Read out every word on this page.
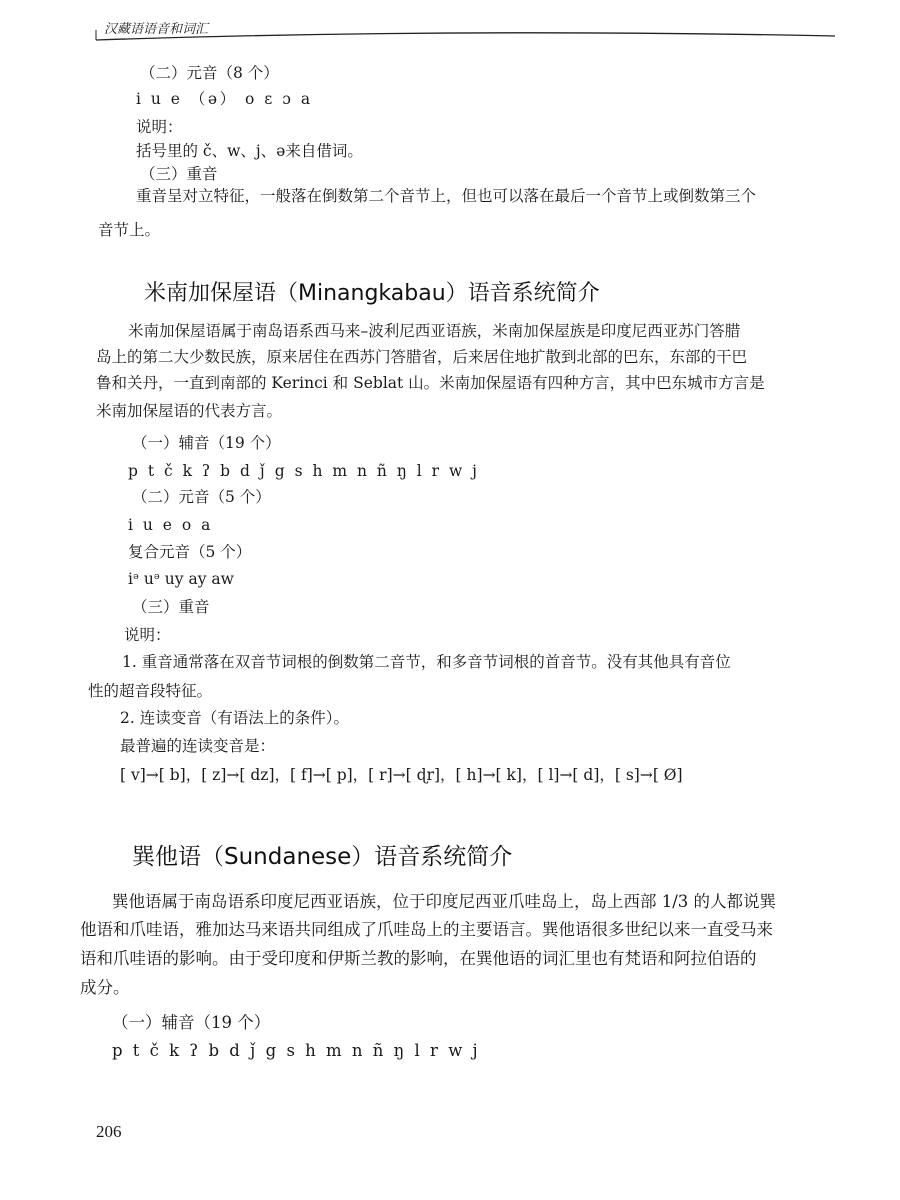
汉藏语语音和词汇
（二）元音（8 个）
i u e （ə） o ɛ ɔ a
说明：
括号里的 č、w、j、ə来自借词。
（三）重音
重音呈对立特征，一般落在倒数第二个音节上，但也可以落在最后一个音节上或倒数第三个
音节上。
米南加保屋语（Minangkabau）语音系统简介
米南加保屋语属于南岛语系西马来–波利尼西亚语族，米南加保屋族是印度尼西亚苏门答腊
岛上的第二大少数民族，原来居住在西苏门答腊省，后来居住地扩散到北部的巴东，东部的干巴
鲁和关丹，一直到南部的 Kerinci 和 Seblat 山。米南加保屋语有四种方言，其中巴东城市方言是
米南加保屋语的代表方言。
（一）辅音（19 个）
p t č k ʔ b d ǰ g s h m n ñ ŋ l r w j
（二）元音（5 个）
i u e o a
复合元音（5 个）
iᵊ uᵊ uy ay aw
（三）重音
说明：
1. 重音通常落在双音节词根的倒数第二音节，和多音节词根的首音节。没有其他具有音位
性的超音段特征。
2. 连读变音（有语法上的条件）。
最普遍的连读变音是：
[ v]→[ b]，[ z]→[ dz]，[ f]→[ p]，[ r]→[ ɖr]，[ h]→[ k]，[ l]→[ d]，[ s]→[ Ø]
巽他语（Sundanese）语音系统简介
巽他语属于南岛语系印度尼西亚语族，位于印度尼西亚爪哇岛上，岛上西部 1/3 的人都说巽
他语和爪哇语，雅加达马来语共同组成了爪哇岛上的主要语言。巽他语很多世纪以来一直受马来
语和爪哇语的影响。由于受印度和伊斯兰教的影响，在巽他语的词汇里也有梵语和阿拉伯语的
成分。
（一）辅音（19 个）
p t č k ʔ b d ǰ g s h m n ñ ŋ l r w j
206
